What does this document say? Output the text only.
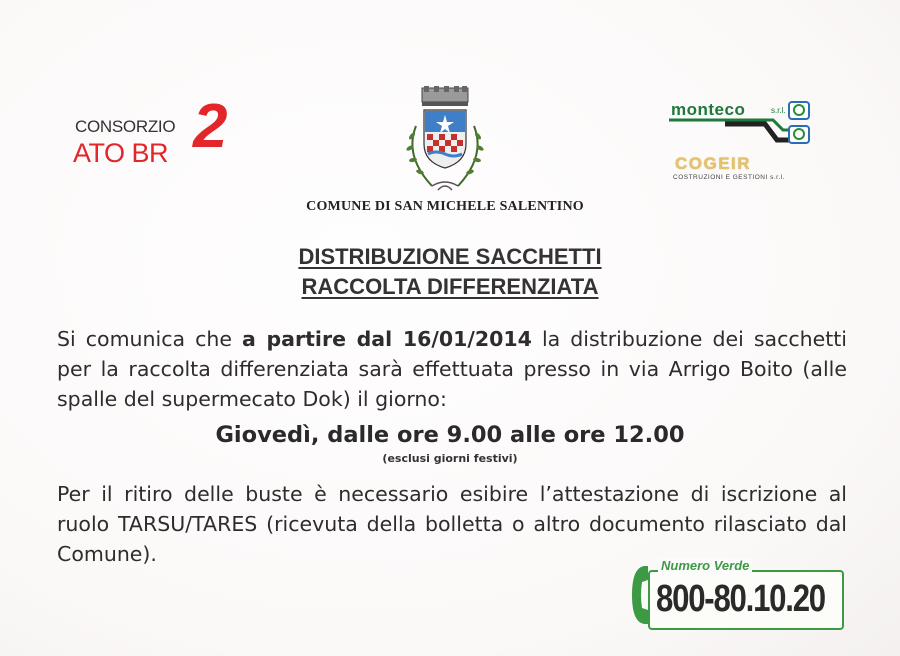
CONSORZIO
ATO BR 2
COMUNE DI SAN MICHELE SALENTINO
monteco	s.r.l.
COGEIR
COSTRUZIONI E GESTIONI s.r.l.
DISTRIBUZIONE SACCHETTI
RACCOLTA DIFFERENZIATA
Si comunica che a partire dal 16/01/2014 la distribuzione dei sacchetti per la raccolta differenziata sarà effettuata presso in via Arrigo Boito (alle spalle del supermecato Dok) il giorno:
Giovedì, dalle ore 9.00 alle ore 12.00
(esclusi giorni festivi)
Per il ritiro delle buste è necessario esibire l’attestazione di iscrizione al ruolo TARSU/TARES (ricevuta della bolletta o altro documento rilasciato dal Comune).	Numero Verde
800-80.10.20
